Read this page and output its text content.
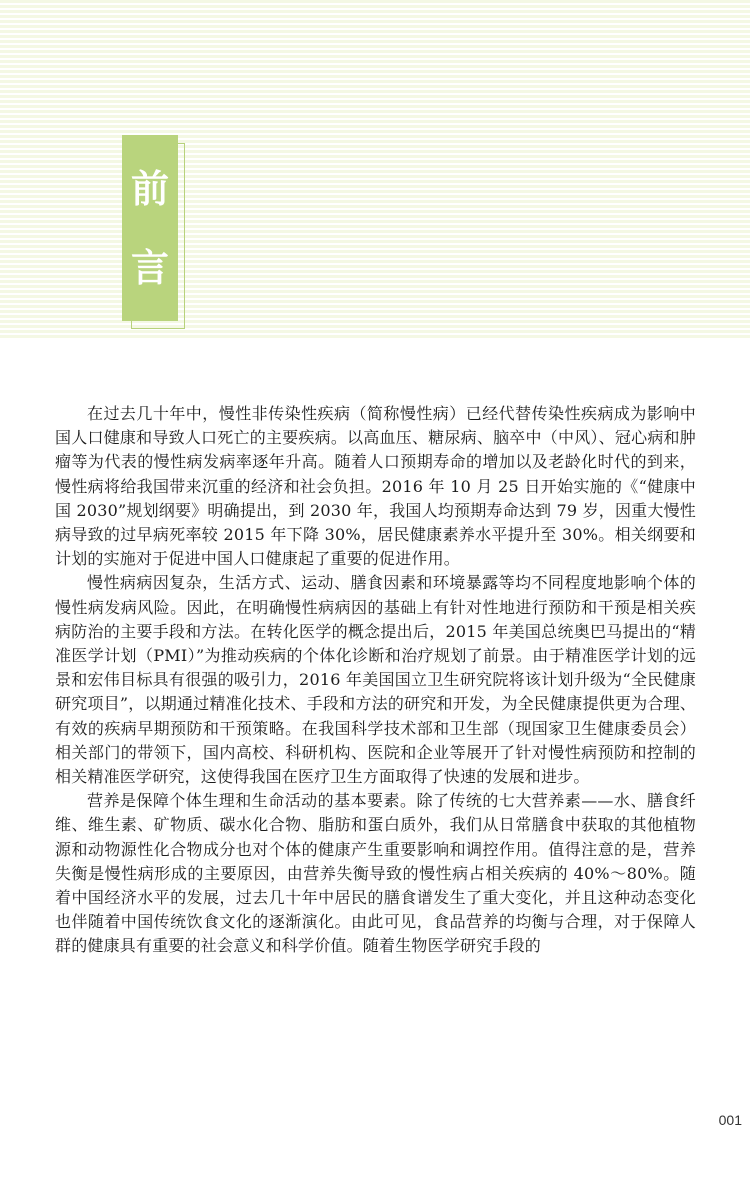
前
言

在过去几十年中，慢性非传染性疾病（简称慢性病）已经代替传染性疾病成为影响中国人口健康和导致人口死亡的主要疾病。以高血压、糖尿病、脑卒中（中风）、冠心病和肿瘤等为代表的慢性病发病率逐年升高。随着人口预期寿命的增加以及老龄化时代的到来，慢性病将给我国带来沉重的经济和社会负担。2016 年 10 月 25 日开始实施的《“健康中国 2030”规划纲要》明确提出，到 2030 年，我国人均预期寿命达到 79 岁，因重大慢性病导致的过早病死率较 2015 年下降 30%，居民健康素养水平提升至 30%。相关纲要和计划的实施对于促进中国人口健康起了重要的促进作用。

慢性病病因复杂，生活方式、运动、膳食因素和环境暴露等均不同程度地影响个体的慢性病发病风险。因此，在明确慢性病病因的基础上有针对性地进行预防和干预是相关疾病防治的主要手段和方法。在转化医学的概念提出后，2015 年美国总统奥巴马提出的“精准医学计划（PMI）”为推动疾病的个体化诊断和治疗规划了前景。由于精准医学计划的远景和宏伟目标具有很强的吸引力，2016 年美国国立卫生研究院将该计划升级为“全民健康研究项目”，以期通过精准化技术、手段和方法的研究和开发，为全民健康提供更为合理、有效的疾病早期预防和干预策略。在我国科学技术部和卫生部（现国家卫生健康委员会）相关部门的带领下，国内高校、科研机构、医院和企业等展开了针对慢性病预防和控制的相关精准医学研究，这使得我国在医疗卫生方面取得了快速的发展和进步。

营养是保障个体生理和生命活动的基本要素。除了传统的七大营养素——水、膳食纤维、维生素、矿物质、碳水化合物、脂肪和蛋白质外，我们从日常膳食中获取的其他植物源和动物源性化合物成分也对个体的健康产生重要影响和调控作用。值得注意的是，营养失衡是慢性病形成的主要原因，由营养失衡导致的慢性病占相关疾病的 40%～80%。随着中国经济水平的发展，过去几十年中居民的膳食谱发生了重大变化，并且这种动态变化也伴随着中国传统饮食文化的逐渐演化。由此可见，食品营养的均衡与合理，对于保障人群的健康具有重要的社会意义和科学价值。随着生物医学研究手段的

001
